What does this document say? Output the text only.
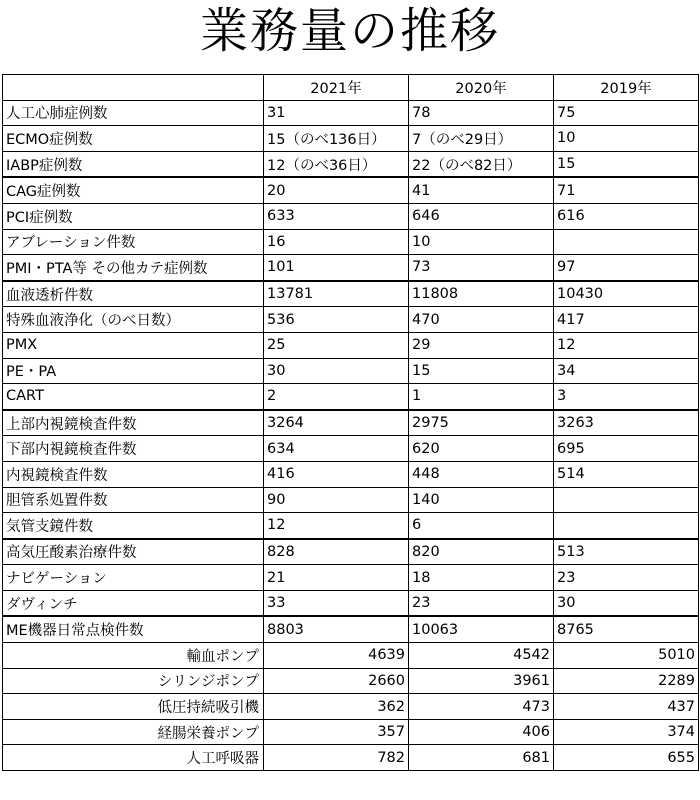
業務量の推移
	2021年	2020年	2019年
人工心肺症例数	31	78	75
ECMO症例数	15（のべ136日）	7（のべ29日）	10
IABP症例数	12（のべ36日）	22（のべ82日）	15
CAG症例数	20	41	71
PCI症例数	633	646	616
アブレーション件数	16	10	
PMI・PTA等 その他カテ症例数	101	73	97
血液透析件数	13781	11808	10430
特殊血液浄化（のべ日数）	536	470	417
PMX	25	29	12
PE・PA	30	15	34
CART	2	1	3
上部内視鏡検査件数	3264	2975	3263
下部内視鏡検査件数	634	620	695
内視鏡検査件数	416	448	514
胆管系処置件数	90	140	
気管支鏡件数	12	6	
高気圧酸素治療件数	828	820	513
ナビゲーション	21	18	23
ダヴィンチ	33	23	30
ME機器日常点検件数	8803	10063	8765
輸血ポンプ	4639	4542	5010
シリンジポンプ	2660	3961	2289
低圧持続吸引機	362	473	437
経腸栄養ポンプ	357	406	374
人工呼吸器	782	681	655
